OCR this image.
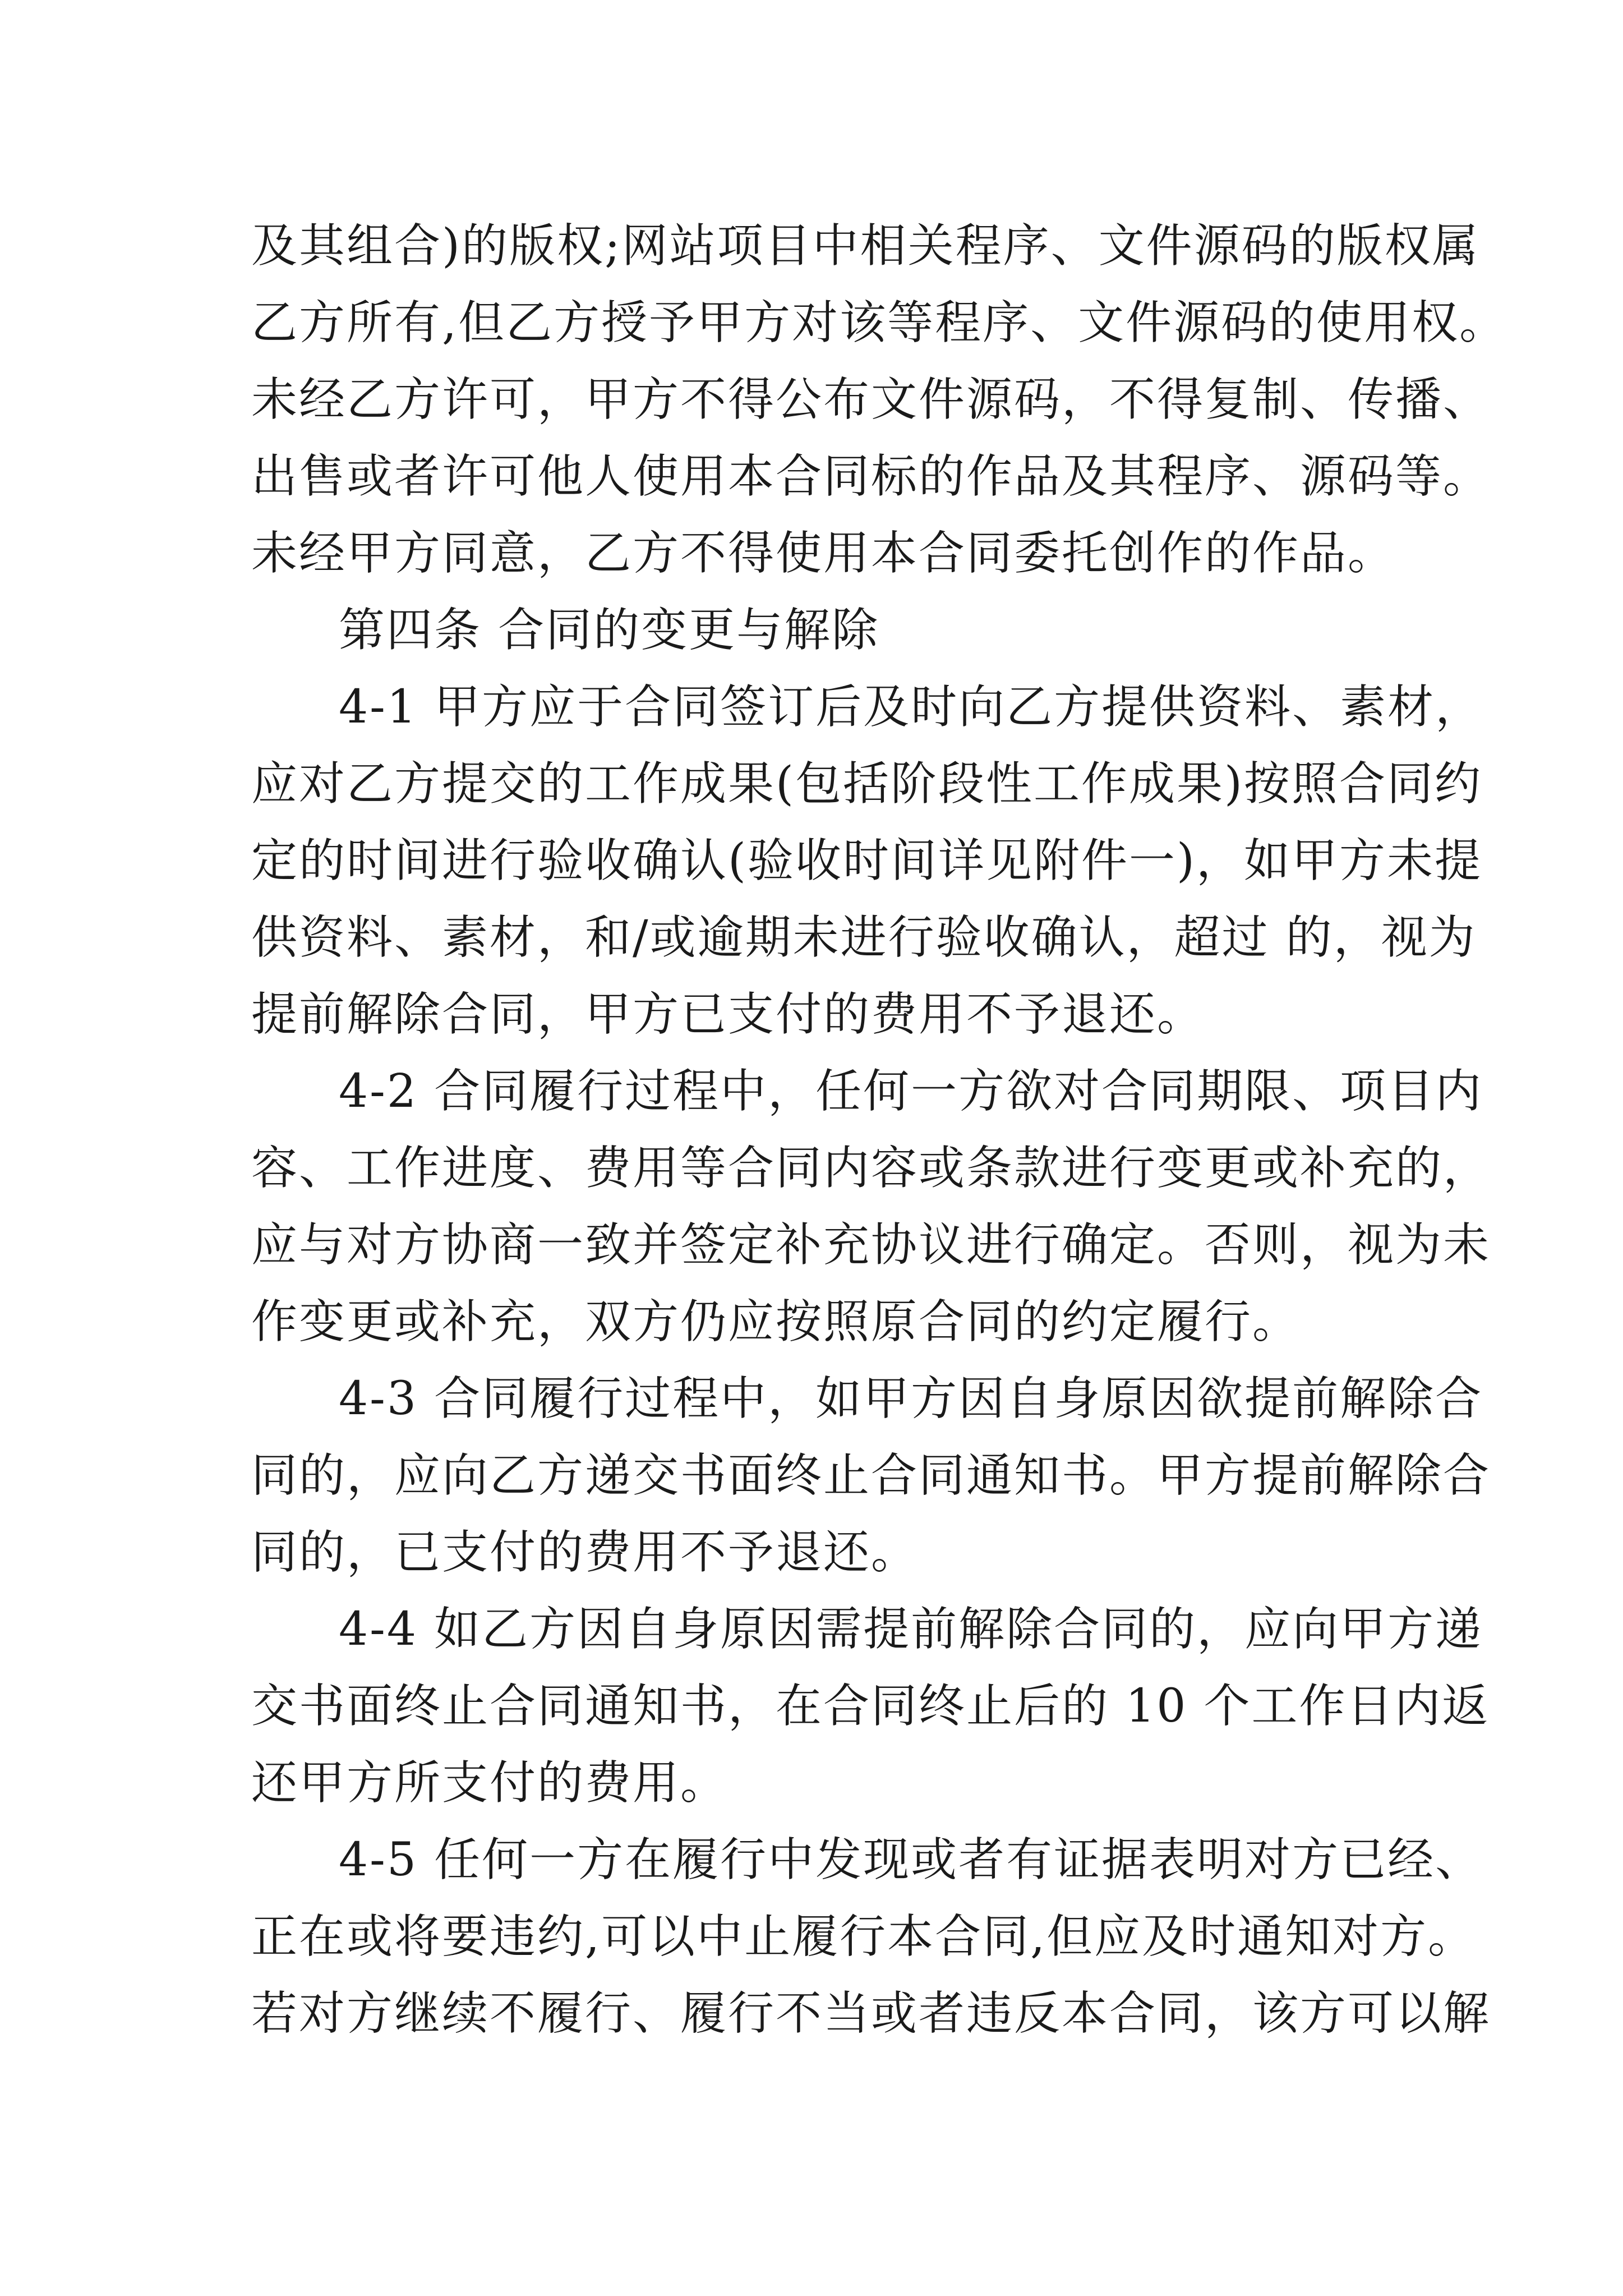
及其组合)的版权;网站项目中相关程序、文件源码的版权属
乙方所有,但乙方授予甲方对该等程序、文件源码的使用权。
未经乙方许可，甲方不得公布文件源码，不得复制、传播、
出售或者许可他人使用本合同标的作品及其程序、源码等。
未经甲方同意，乙方不得使用本合同委托创作的作品。
第四条 合同的变更与解除
4-1 甲方应于合同签订后及时向乙方提供资料、素材，
应对乙方提交的工作成果(包括阶段性工作成果)按照合同约
定的时间进行验收确认(验收时间详见附件一)，如甲方未提
供资料、素材，和/或逾期未进行验收确认，超过 的，视为
提前解除合同，甲方已支付的费用不予退还。
4-2 合同履行过程中，任何一方欲对合同期限、项目内
容、工作进度、费用等合同内容或条款进行变更或补充的，
应与对方协商一致并签定补充协议进行确定。否则，视为未
作变更或补充，双方仍应按照原合同的约定履行。
4-3 合同履行过程中，如甲方因自身原因欲提前解除合
同的，应向乙方递交书面终止合同通知书。甲方提前解除合
同的，已支付的费用不予退还。
4-4 如乙方因自身原因需提前解除合同的，应向甲方递
交书面终止合同通知书，在合同终止后的 10 个工作日内返
还甲方所支付的费用。
4-5 任何一方在履行中发现或者有证据表明对方已经、
正在或将要违约,可以中止履行本合同,但应及时通知对方。
若对方继续不履行、履行不当或者违反本合同，该方可以解
